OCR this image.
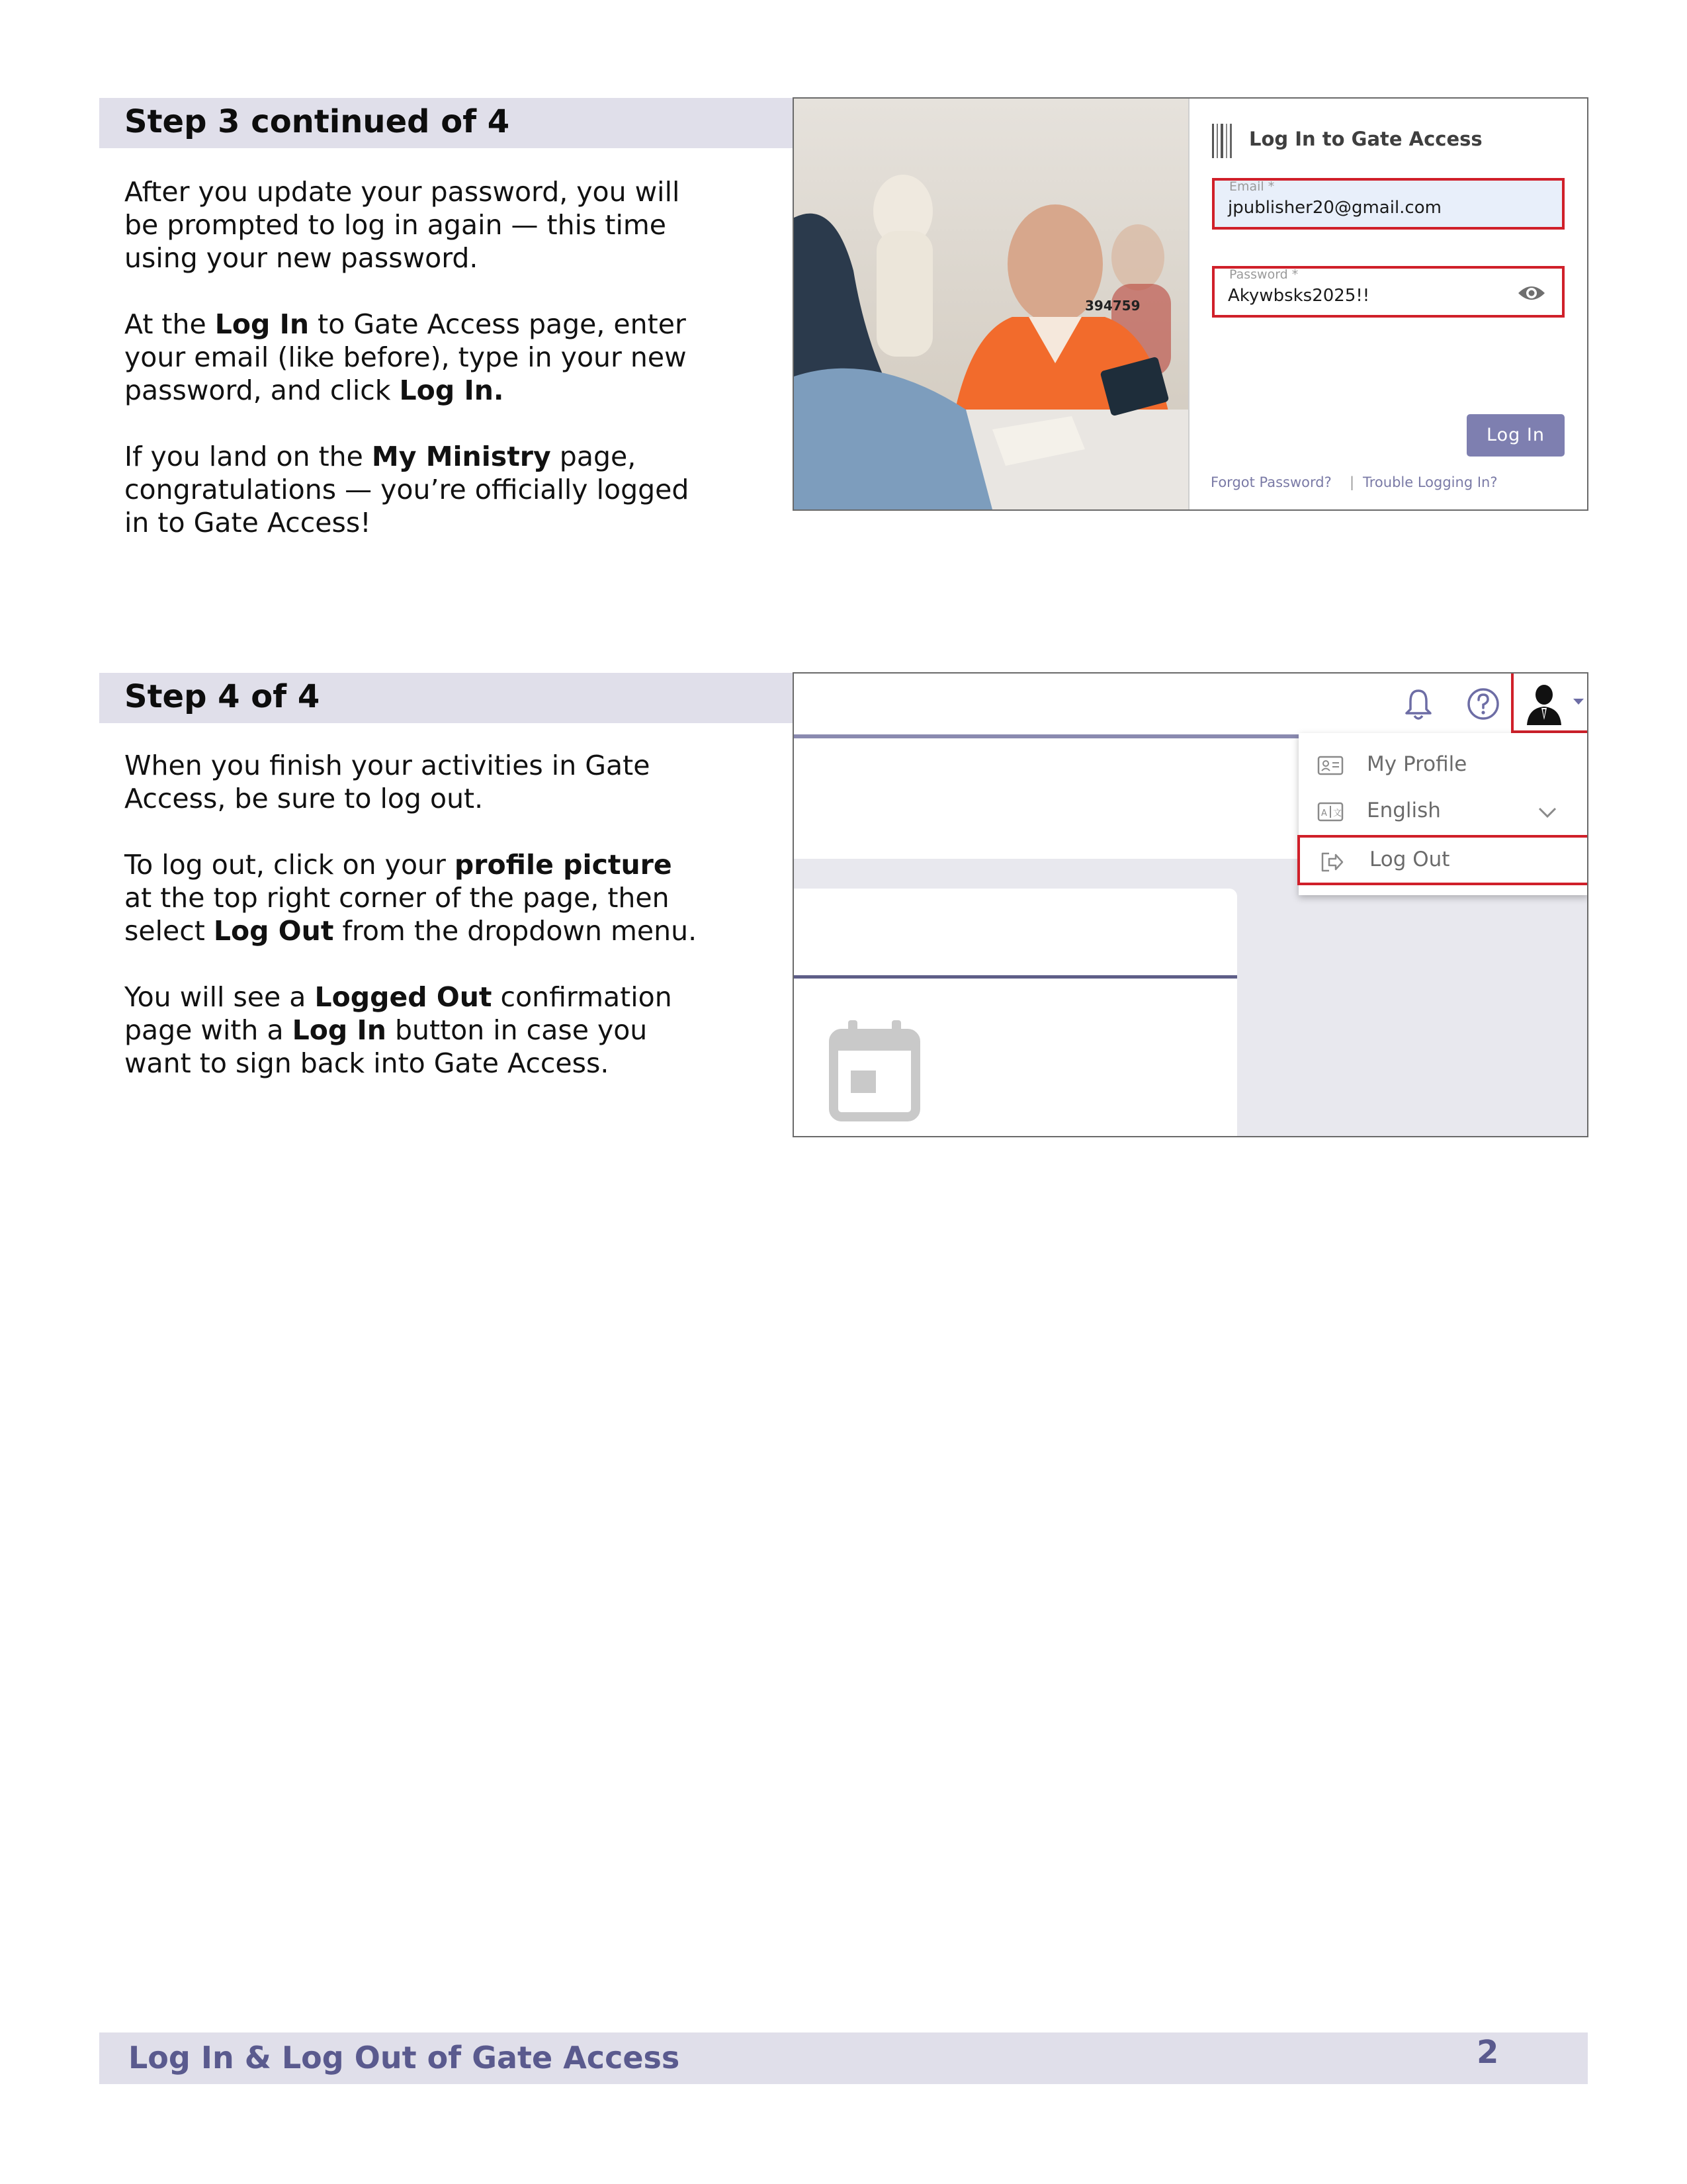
Step 3 continued of 4

After you update your password, you will be prompted to log in again — this time using your new password.

At the Log In to Gate Access page, enter your email (like before), type in your new password, and click Log In.

If you land on the My Ministry page, congratulations — you’re officially logged in to Gate Access!

394759
Log In to Gate Access
Email *
jpublisher20@gmail.com
Password *
Akywbsks2025!!
Log In
Forgot Password? | Trouble Logging In?
Step 4 of 4

When you finish your activities in Gate Access, be sure to log out.

To log out, click on your profile picture at the top right corner of the page, then select Log Out from the dropdown menu.

You will see a Logged Out confirmation page with a Log In button in case you want to sign back into Gate Access.

My Profile
A 文 English
Log Out
Log In & Log Out of Gate Access	2
